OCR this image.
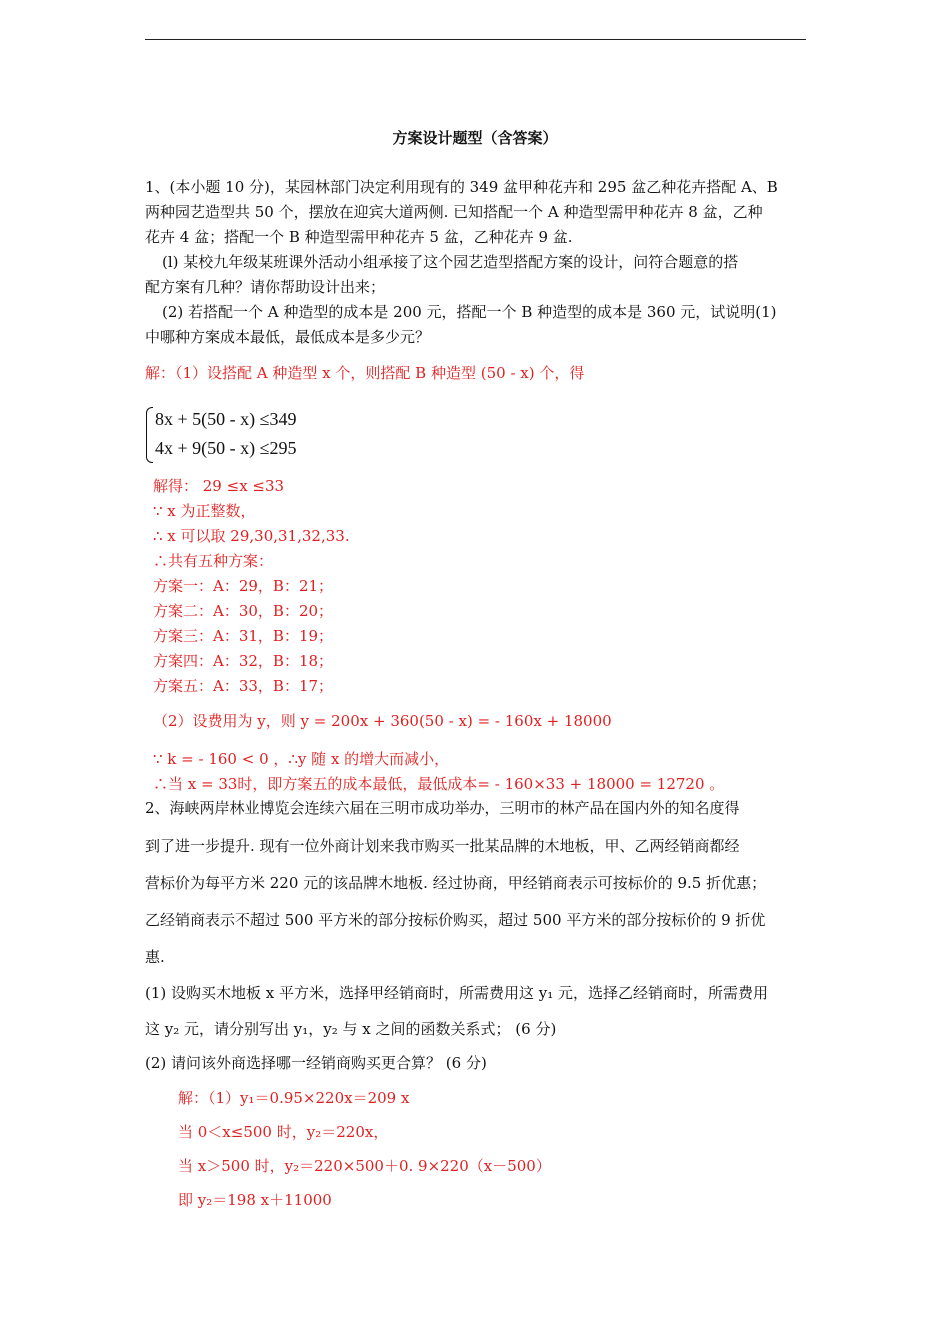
方案设计题型（含答案）
1、(本小题 10 分)，某园林部门决定利用现有的 349 盆甲种花卉和 295 盆乙种花卉搭配 A、B
两种园艺造型共 50 个，摆放在迎宾大道两侧. 已知搭配一个 A 种造型需甲种花卉 8 盆，乙种
花卉 4 盆；搭配一个 B 种造型需甲种花卉 5 盆，乙种花卉 9 盆.
(l) 某校九年级某班课外活动小组承接了这个园艺造型搭配方案的设计，问符合题意的搭
配方案有几种？请你帮助设计出来；
(2) 若搭配一个 A 种造型的成本是 200 元，搭配一个 B 种造型的成本是 360 元，试说明(1)
中哪种方案成本最低，最低成本是多少元？
解：（1）设搭配 A 种造型 x 个，则搭配 B 种造型 (50 - x) 个，得
8x + 5(50 - x) ≤349
4x + 9(50 - x) ≤295
解得： 29 ≤x ≤33
∵ x 为正整数，
∴ x 可以取 29,30,31,32,33.
∴共有五种方案：
方案一：A：29，B：21；
方案二：A：30，B：20；
方案三：A：31，B：19；
方案四：A：32，B：18；
方案五：A：33，B：17；
（2）设费用为 y，则 y = 200x + 360(50 - x) = - 160x + 18000
∵ k = - 160 < 0 ，∴y 随 x 的增大而减小，
∴当 x = 33时，即方案五的成本最低，最低成本= - 160×33 + 18000 = 12720 。
2、海峡两岸林业博览会连续六届在三明市成功举办，三明市的林产品在国内外的知名度得
到了进一步提升. 现有一位外商计划来我市购买一批某品牌的木地板，甲、乙两经销商都经
营标价为每平方米 220 元的该品牌木地板. 经过协商，甲经销商表示可按标价的 9.5 折优惠；
乙经销商表示不超过 500 平方米的部分按标价购买，超过 500 平方米的部分按标价的 9 折优
惠.
(1) 设购买木地板 x 平方米，选择甲经销商时，所需费用这 y₁ 元，选择乙经销商时，所需费用
这 y₂ 元，请分别写出 y₁，y₂ 与 x 之间的函数关系式； (6 分)
(2) 请问该外商选择哪一经销商购买更合算？ (6 分)
解：（1）y₁＝0.95×220x＝209 x
当 0＜x≤500 时，y₂＝220x，
当 x＞500 时，y₂＝220×500＋0. 9×220（x－500）
即 y₂＝198 x＋11000
